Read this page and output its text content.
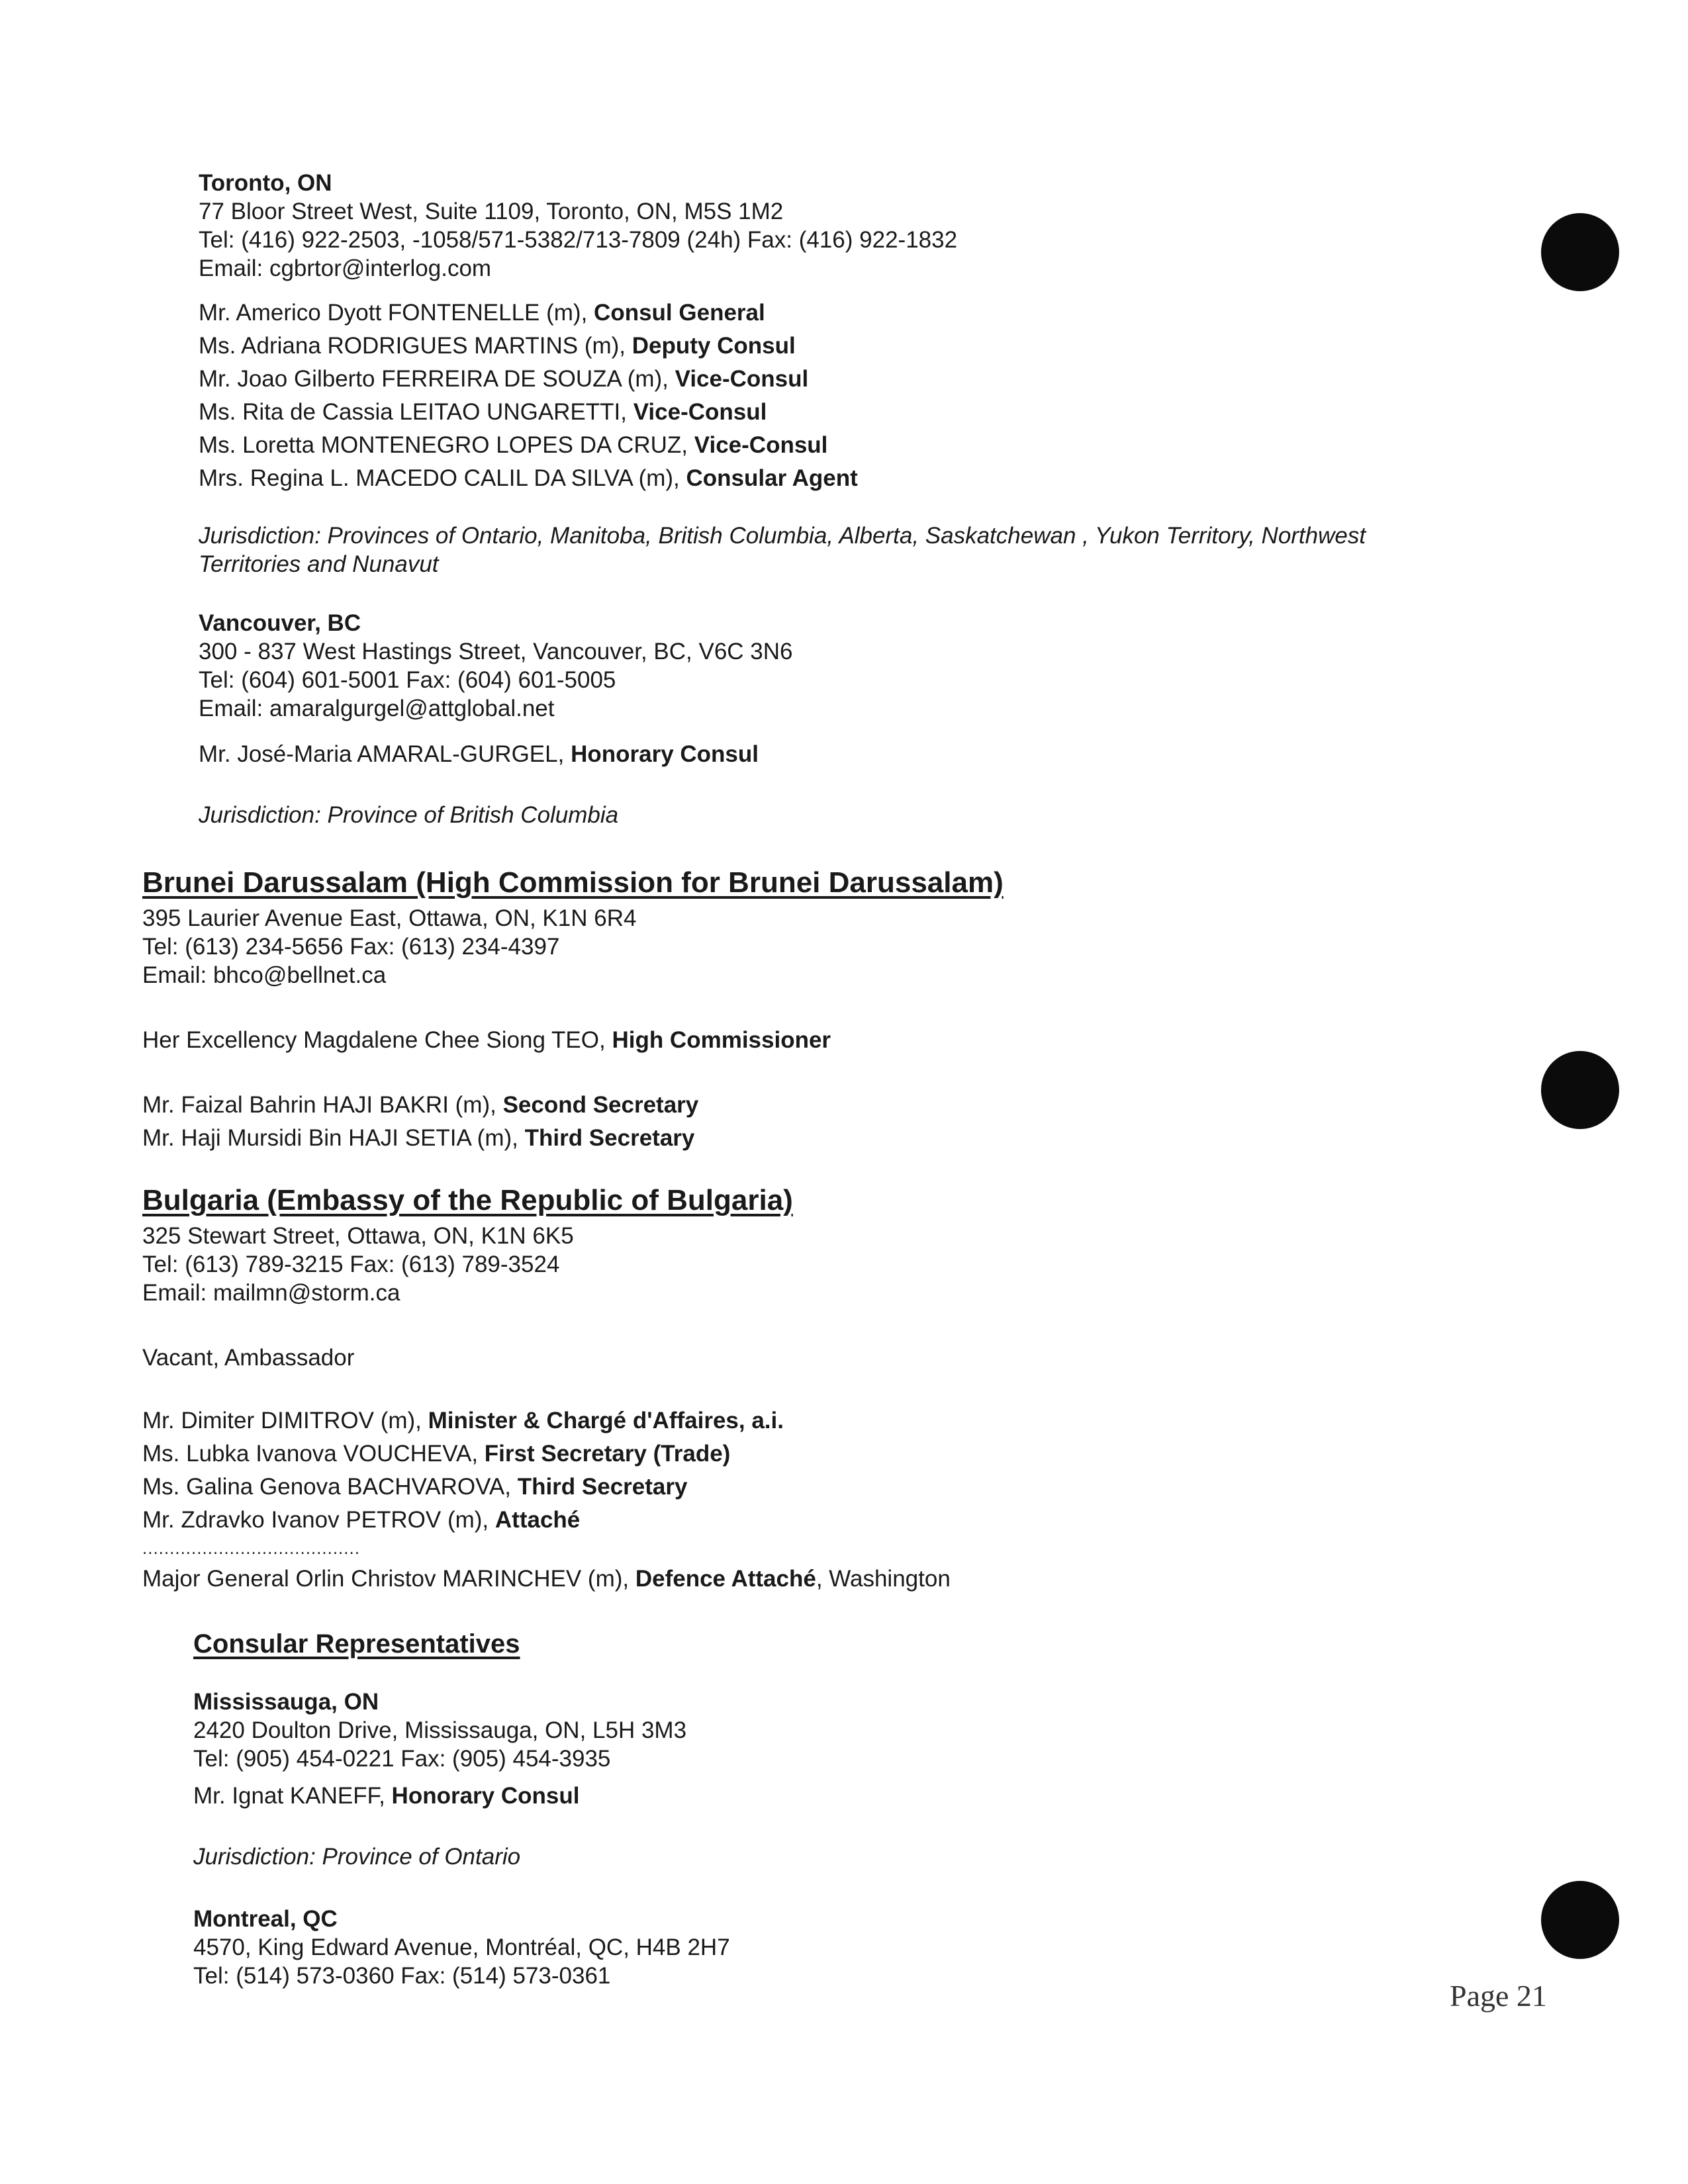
Toronto, ON
77 Bloor Street West, Suite 1109, Toronto, ON, M5S 1M2
Tel: (416) 922-2503, -1058/571-5382/713-7809 (24h) Fax: (416) 922-1832
Email: cgbrtor@interlog.com
Mr. Americo Dyott FONTENELLE (m), Consul General
Ms. Adriana RODRIGUES MARTINS (m), Deputy Consul
Mr. Joao Gilberto FERREIRA DE SOUZA (m), Vice-Consul
Ms. Rita de Cassia LEITAO UNGARETTI, Vice-Consul
Ms. Loretta MONTENEGRO LOPES DA CRUZ, Vice-Consul
Mrs. Regina L. MACEDO CALIL DA SILVA (m), Consular Agent
Jurisdiction: Provinces of Ontario, Manitoba, British Columbia, Alberta, Saskatchewan , Yukon Territory, Northwest
Territories and Nunavut
Vancouver, BC
300 - 837 West Hastings Street, Vancouver, BC, V6C 3N6
Tel: (604) 601-5001 Fax: (604) 601-5005
Email: amaralgurgel@attglobal.net
Mr. José-Maria AMARAL-GURGEL, Honorary Consul
Jurisdiction: Province of British Columbia
Brunei Darussalam (High Commission for Brunei Darussalam)
395 Laurier Avenue East, Ottawa, ON, K1N 6R4
Tel: (613) 234-5656 Fax: (613) 234-4397
Email: bhco@bellnet.ca
Her Excellency Magdalene Chee Siong TEO, High Commissioner
Mr. Faizal Bahrin HAJI BAKRI (m), Second Secretary
Mr. Haji Mursidi Bin HAJI SETIA (m), Third Secretary
Bulgaria (Embassy of the Republic of Bulgaria)
325 Stewart Street, Ottawa, ON, K1N 6K5
Tel: (613) 789-3215 Fax: (613) 789-3524
Email: mailmn@storm.ca
Vacant, Ambassador
Mr. Dimiter DIMITROV (m), Minister & Chargé d'Affaires, a.i.
Ms. Lubka Ivanova VOUCHEVA, First Secretary (Trade)
Ms. Galina Genova BACHVAROVA, Third Secretary
Mr. Zdravko Ivanov PETROV (m), Attaché
........................................
Major General Orlin Christov MARINCHEV (m), Defence Attaché, Washington
Consular Representatives
Mississauga, ON
2420 Doulton Drive, Mississauga, ON, L5H 3M3
Tel: (905) 454-0221 Fax: (905) 454-3935
Mr. Ignat KANEFF, Honorary Consul
Jurisdiction: Province of Ontario
Montreal, QC
4570, King Edward Avenue, Montréal, QC, H4B 2H7
Tel: (514) 573-0360 Fax: (514) 573-0361
Page 21
